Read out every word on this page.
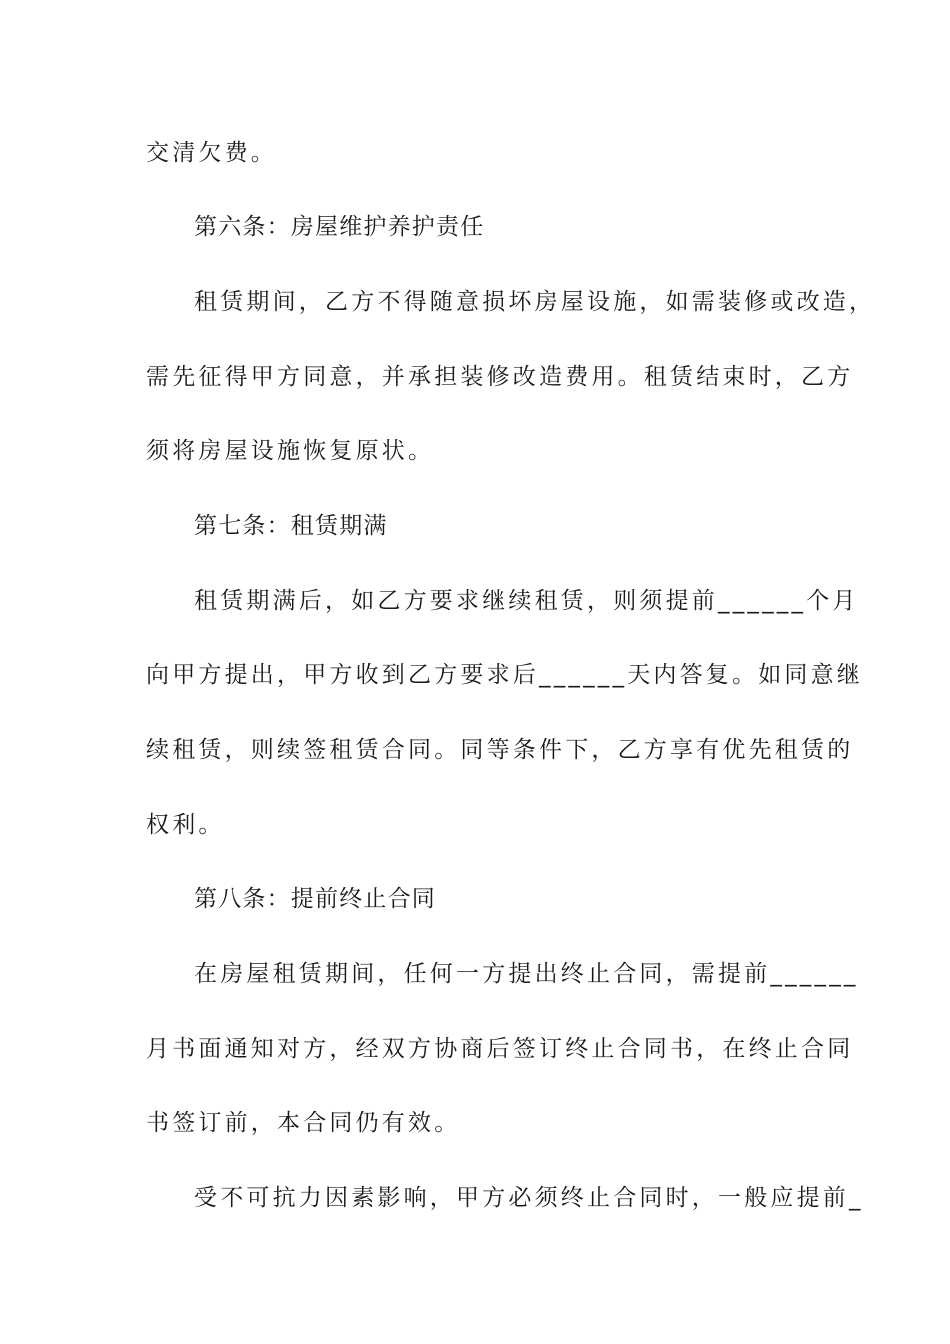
交清欠费。
第六条：房屋维护养护责任
租赁期间，乙方不得随意损坏房屋设施，如需装修或改造，
需先征得甲方同意，并承担装修改造费用。租赁结束时，乙方
须将房屋设施恢复原状。
第七条：租赁期满
租赁期满后，如乙方要求继续租赁，则须提前______个月
向甲方提出，甲方收到乙方要求后______天内答复。如同意继
续租赁，则续签租赁合同。同等条件下，乙方享有优先租赁的
权利。
第八条：提前终止合同
在房屋租赁期间，任何一方提出终止合同，需提前______
月书面通知对方，经双方协商后签订终止合同书，在终止合同
书签订前，本合同仍有效。
受不可抗力因素影响，甲方必须终止合同时，一般应提前_
